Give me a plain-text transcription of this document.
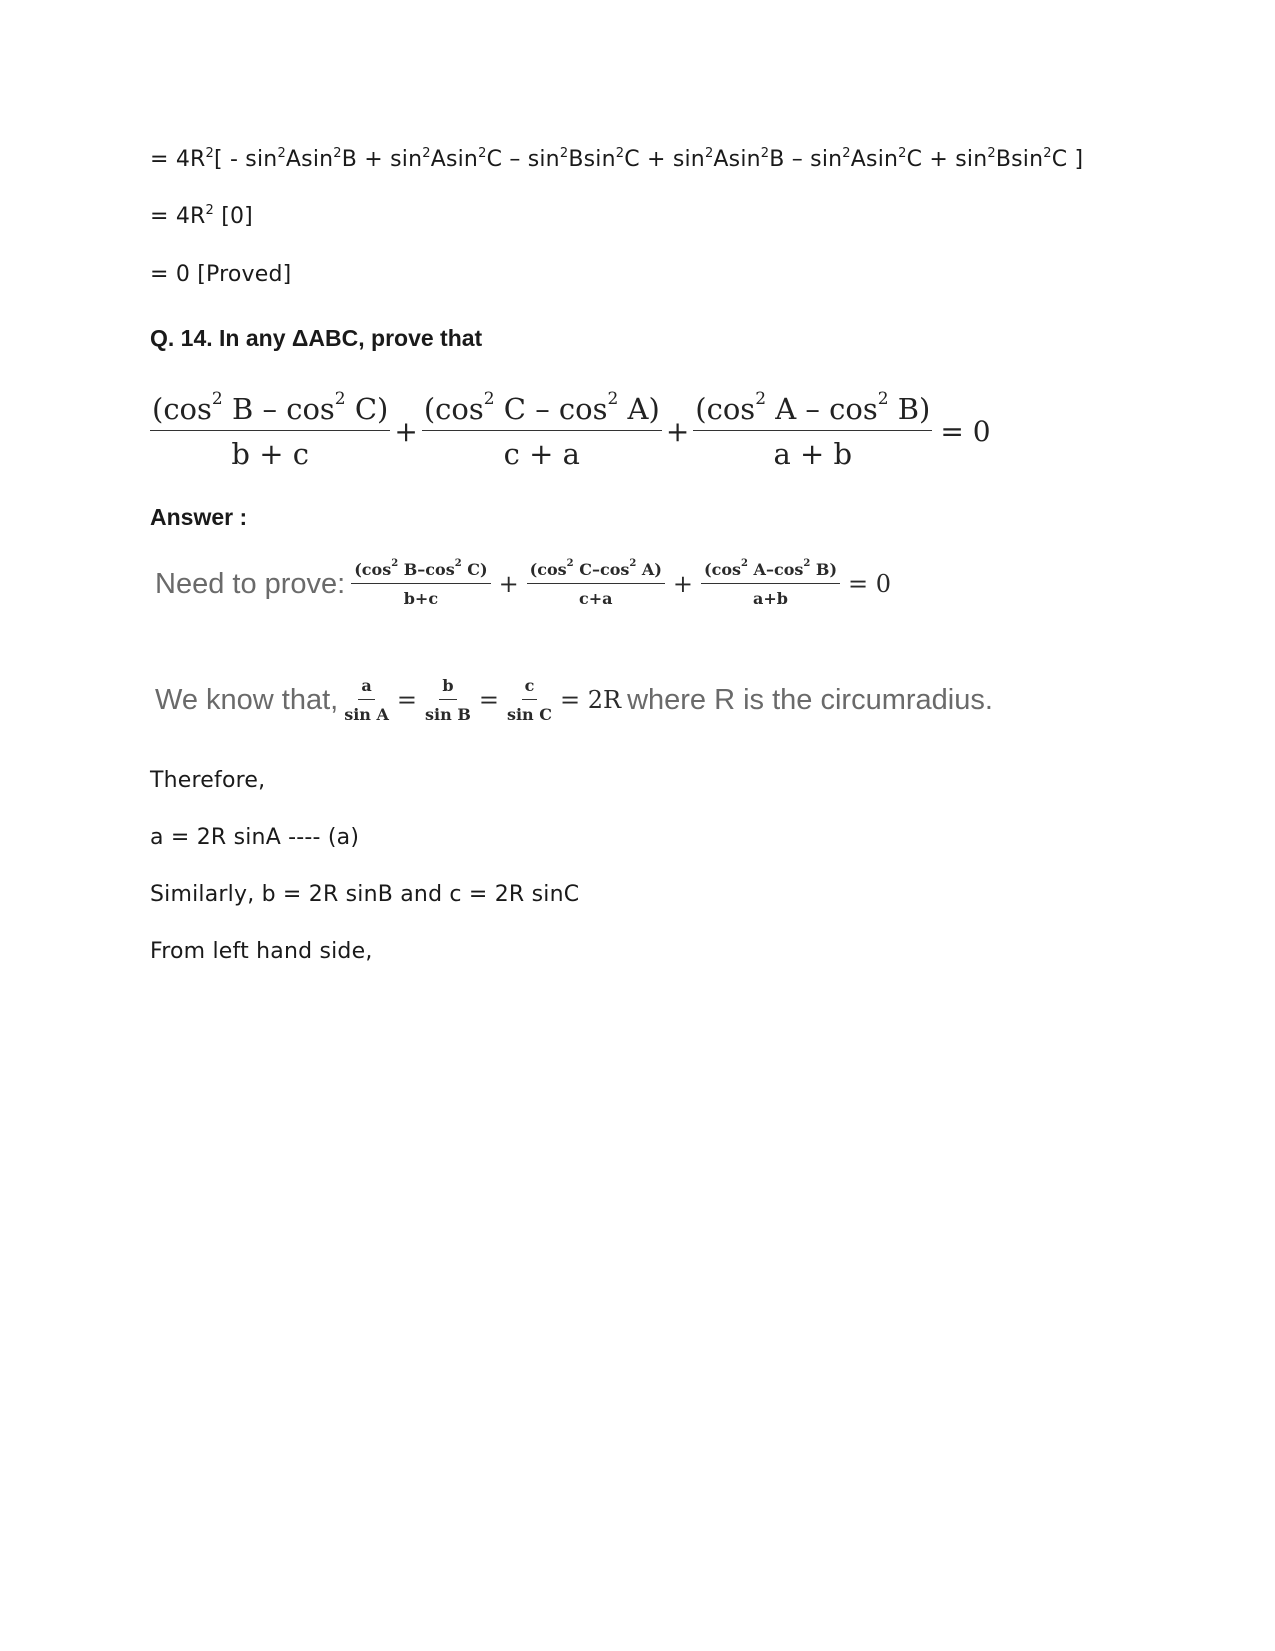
= $4R^2[ - \sin^2Asin^2B + \sin^2Asin^2C - \sin^2Bsin^2C + \sin^2Asin^2B - \sin^2Asin^2C + \sin^2Bsin^2C$ ]
= $4R^2$ [0]
= 0 [Proved]
Q. 14. In any ΔABC, prove that
$\frac{(\cos^2 B - \cos^2 C)}{b + c} + \frac{(\cos^2 C - \cos^2 A)}{c + a} + \frac{(\cos^2 A - \cos^2 B)}{a + b} = 0$
Answer :
Need to prove: $\frac{(\cos^2 B-\cos^2 C)}{b+c} + \frac{(\cos^2 C-\cos^2 A)}{c+a} + \frac{(\cos^2 A-\cos^2 B)}{a+b} = 0$
We know that, $\frac{a}{\text{sin A}} = \frac{b}{\text{sin B}} = \frac{c}{\text{sin C}} = 2R$ where R is the circumradius.
Therefore,
a = 2R sinA ---- (a)
Similarly, b = 2R sinB and c = 2R sinC
From left hand side,
